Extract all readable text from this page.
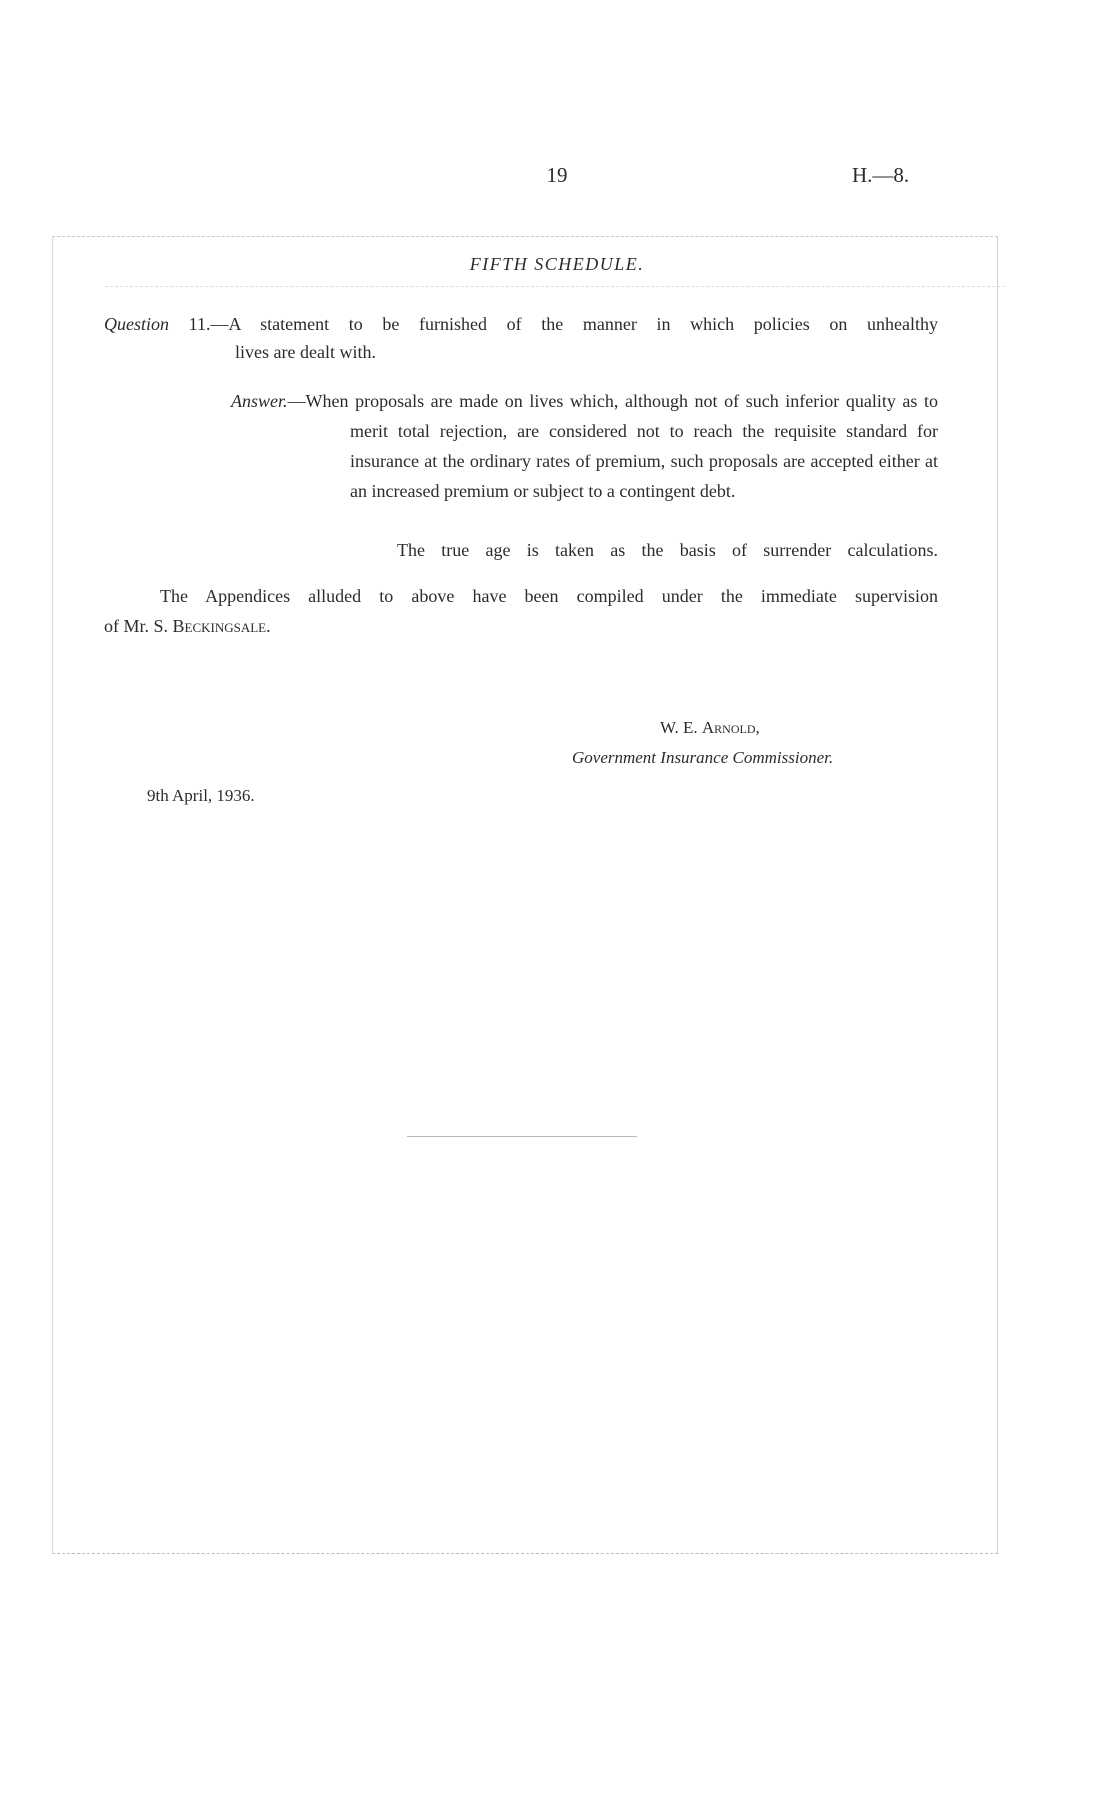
19	H.—8.
FIFTH SCHEDULE.
Question 11.—A statement to be furnished of the manner in which policies on unhealthy
lives are dealt with.
Answer.—When proposals are made on lives which, although not of such inferior quality as to merit total rejection, are considered not to reach the requisite standard for insurance at the ordinary rates of premium, such proposals are accepted either at an increased premium or subject to a contingent debt.
The true age is taken as the basis of surrender calculations.
The Appendices alluded to above have been compiled under the immediate supervision
of Mr. S. Beckingsale.
W. E. Arnold,
Government Insurance Commissioner.
9th April, 1936.
